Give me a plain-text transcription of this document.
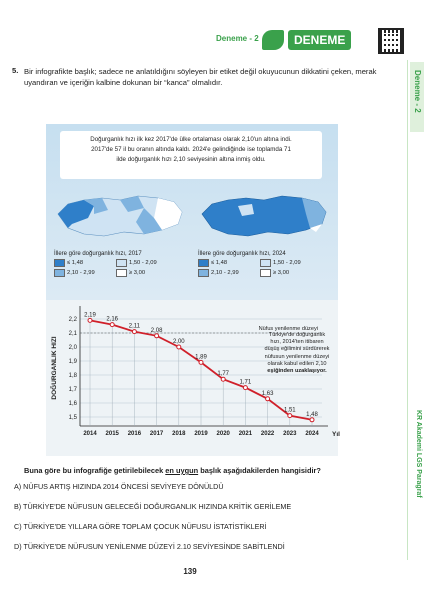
Deneme - 2	DENEME
Deneme - 2
KR Akademi LGS Paragraf
5. Bir infografikte başlık; sadece ne anlatıldığını söyleyen bir etiket değil okuyucunun dikkatini çeken, merak uyandıran ve içeriğin kalbine dokunan bir “kanca” olmalıdır.
Doğurganlık hızı ilk kez 2017'de ülke ortalaması olarak 2,10'un altına indi.
2017'de 57 il bu oranın altında kaldı. 2024'e gelindiğinde ise toplamda 71
ilde doğurganlık hızı 2,10 seviyesinin altına inmiş oldu.
İllere göre doğurganlık hızı, 2017
≤ 1,48	1,50 - 2,09
2,10 - 2,99	≥ 3,00
İllere göre doğurganlık hızı, 2024
≤ 1,48	1,50 - 2,09
2,10 - 2,99	≥ 3,00
1,5
1,6
1,7
1,8
1,9
2,0
2,1
2,2
DOĞURGANLIK HIZI
Yıl
Nüfus yenilenme düzeyi
2,19
2014
2,16
2015
2,11
2016
2,08
2017
2,00
2018
1,89
2019
1,77
2020
1,71
2021
1,63
2022
1,51
2023
1,48
2024
Türkiye'de doğurganlık
hızı, 2014'ten itibaren
düşüş eğilimini sürdürerek
nüfusun yenilenme düzeyi
olarak kabul edilen 2,10
eşiğinden uzaklaşıyor.
Buna göre bu infografiğe getirilebilecek en uygun başlık aşağıdakilerden hangisidir?
A) NÜFUS ARTIŞ HIZINDA 2014 ÖNCESİ SEVİYEYE DÖNÜLDÜ
B) TÜRKİYE'DE NÜFUSUN GELECEĞİ DOĞURGANLIK HIZINDA KRİTİK GERİLEME
C) TÜRKİYE'DE YILLARA GÖRE TOPLAM ÇOCUK NÜFUSU İSTATİSTİKLERİ
D) TÜRKİYE'DE NÜFUSUN YENİLENME DÜZEYİ 2.10 SEVİYESİNDE SABİTLENDİ
139
